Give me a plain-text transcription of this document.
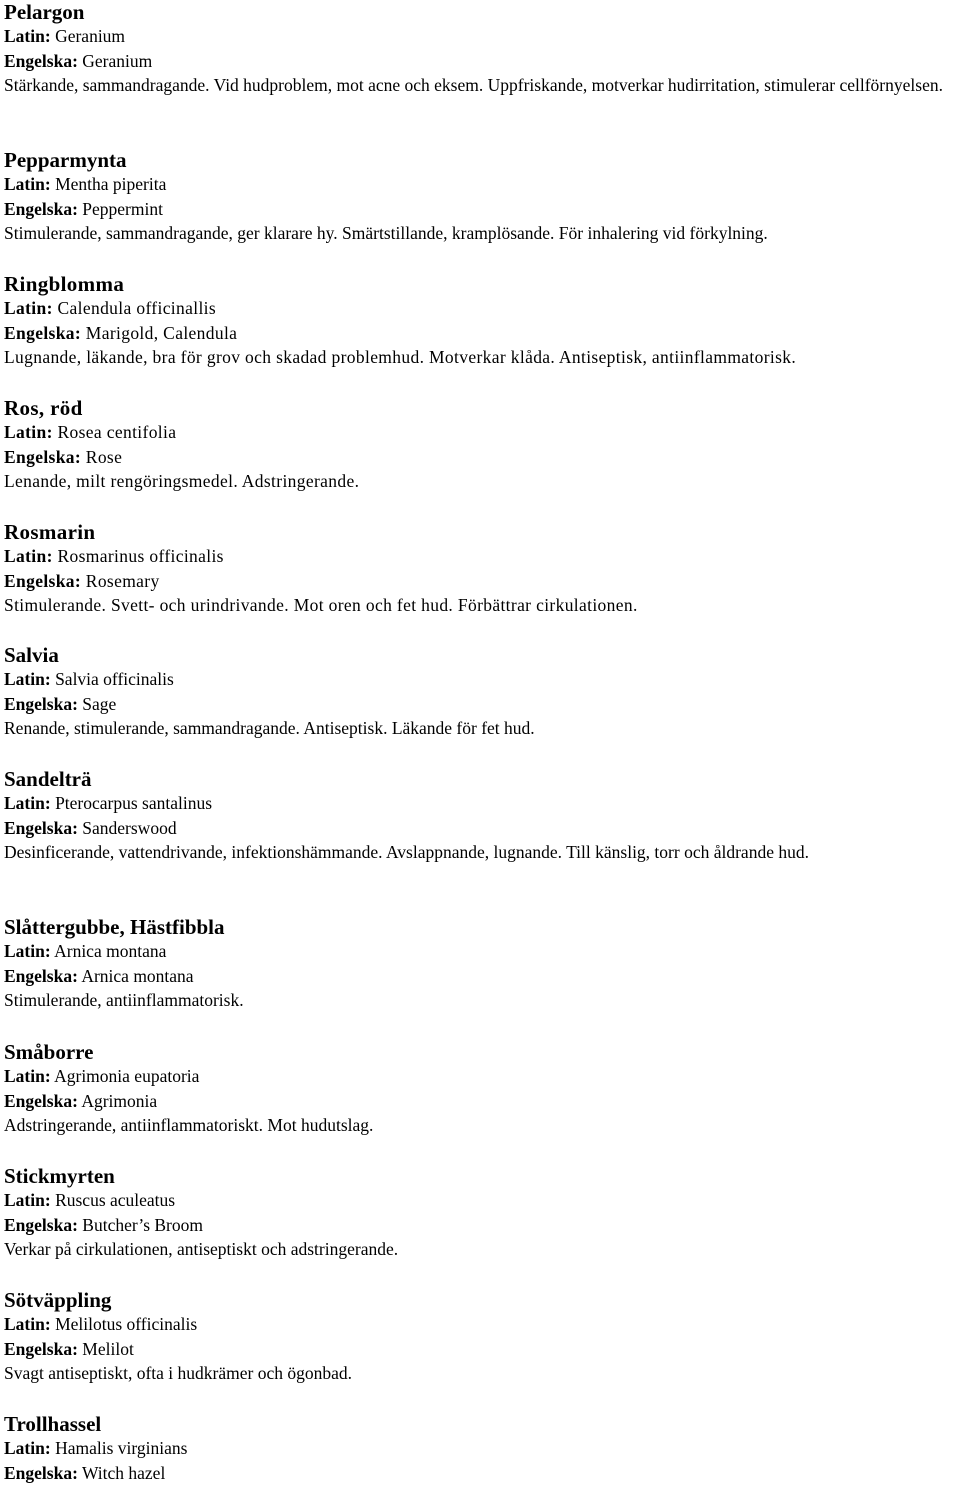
Pelargon
Latin: Geranium
Engelska: Geranium
Stärkande, sammandragande. Vid hudproblem, mot acne och eksem. Uppfriskande, motverkar hudirritation, stimulerar cellförnyelsen.
Pepparmynta
Latin: Mentha piperita
Engelska: Peppermint
Stimulerande, sammandragande, ger klarare hy. Smärtstillande, kramplösande. För inhalering vid förkylning.
Ringblomma
Latin: Calendula officinallis
Engelska: Marigold, Calendula
Lugnande, läkande, bra för grov och skadad problemhud. Motverkar klåda. Antiseptisk, antiinflammatorisk.
Ros, röd
Latin: Rosea centifolia
Engelska: Rose
Lenande, milt rengöringsmedel. Adstringerande.
Rosmarin
Latin: Rosmarinus officinalis
Engelska: Rosemary
Stimulerande. Svett- och urindrivande. Mot oren och fet hud. Förbättrar cirkulationen.
Salvia
Latin: Salvia officinalis
Engelska: Sage
Renande, stimulerande, sammandragande. Antiseptisk. Läkande för fet hud.
Sandelträ
Latin: Pterocarpus santalinus
Engelska: Sanderswood
Desinficerande, vattendrivande, infektionshämmande. Avslappnande, lugnande. Till känslig, torr och åldrande hud.
Slåttergubbe, Hästfibbla
Latin: Arnica montana
Engelska: Arnica montana
Stimulerande, antiinflammatorisk.
Småborre
Latin: Agrimonia eupatoria
Engelska: Agrimonia
Adstringerande, antiinflammatoriskt. Mot hudutslag.
Stickmyrten
Latin: Ruscus aculeatus
Engelska: Butcher’s Broom
Verkar på cirkulationen, antiseptiskt och adstringerande.
Sötväppling
Latin: Melilotus officinalis
Engelska: Melilot
Svagt antiseptiskt, ofta i hudkrämer och ögonbad.
Trollhassel
Latin: Hamalis virginians
Engelska: Witch hazel
